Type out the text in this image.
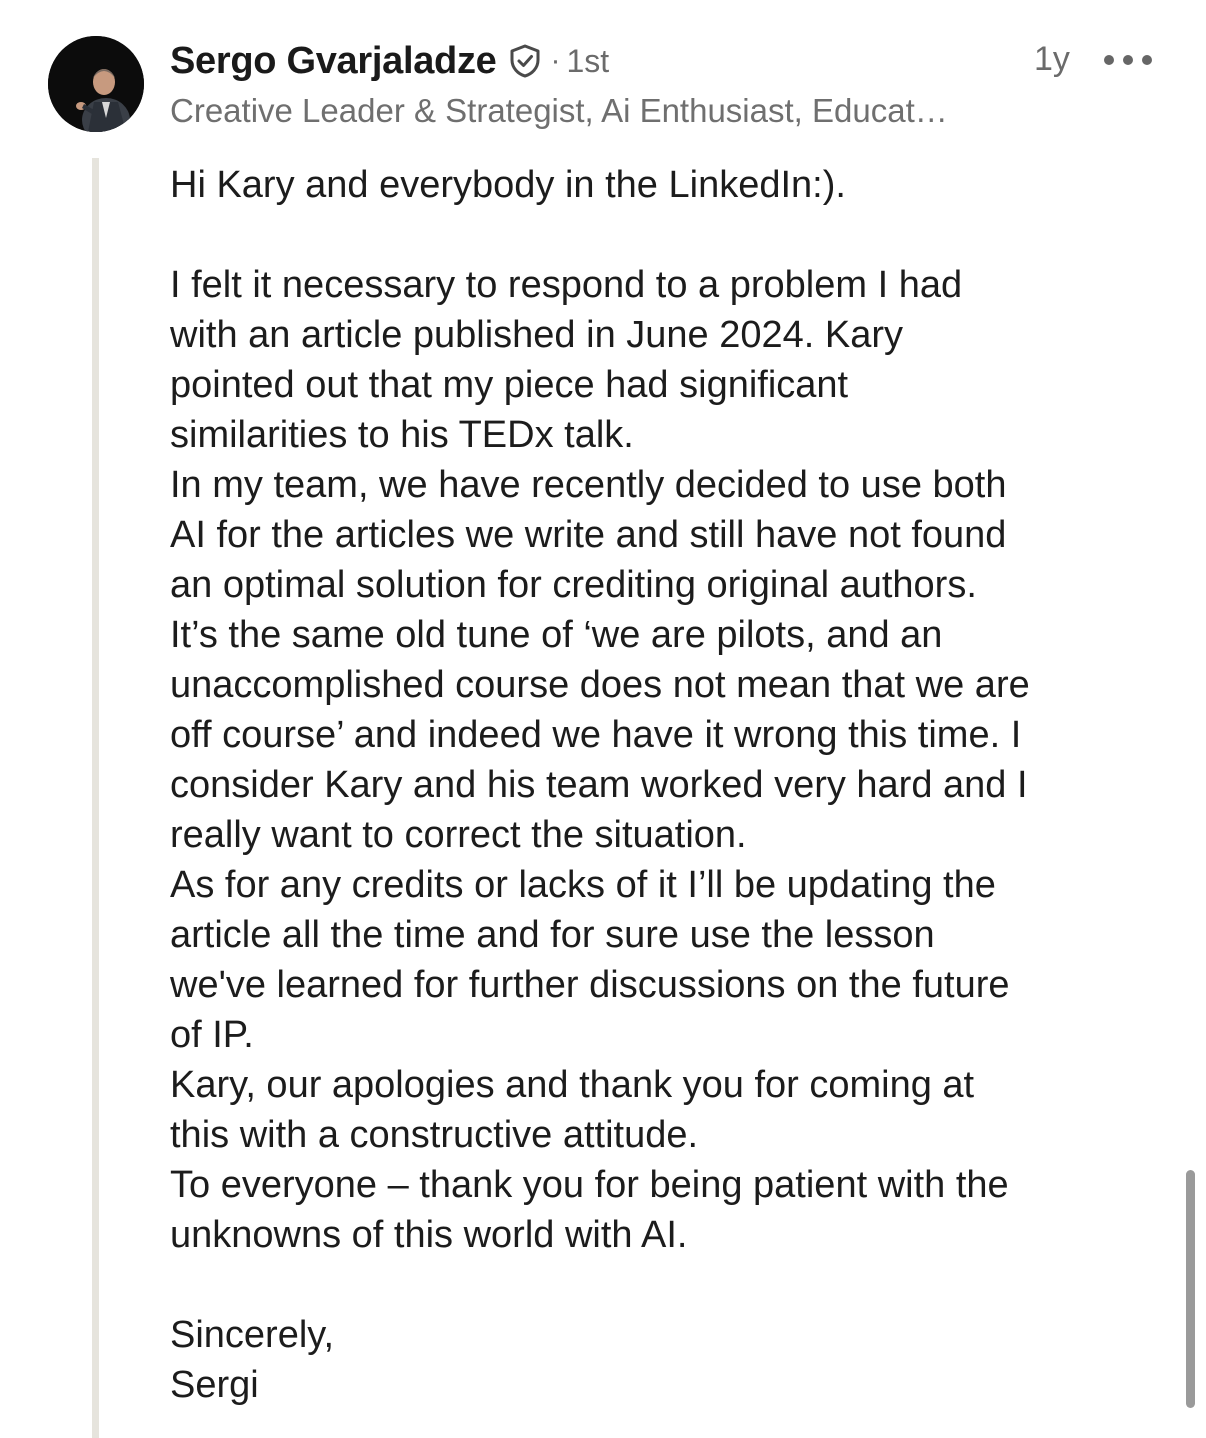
Sergo Gvarjaladze · 1st	1y
Creative Leader & Strategist, Ai Enthusiast, Educat…
Hi Kary and everybody in the LinkedIn:).
I felt it necessary to respond to a problem I had
with an article published in June 2024. Kary
pointed out that my piece had significant
similarities to his TEDx talk.
In my team, we have recently decided to use both
AI for the articles we write and still have not found
an optimal solution for crediting original authors.
It’s the same old tune of ‘we are pilots, and an
unaccomplished course does not mean that we are
off course’ and indeed we have it wrong this time. I
consider Kary and his team worked very hard and I
really want to correct the situation.
As for any credits or lacks of it I’ll be updating the
article all the time and for sure use the lesson
we've learned for further discussions on the future
of IP.
Kary, our apologies and thank you for coming at
this with a constructive attitude.
To everyone – thank you for being patient with the
unknowns of this world with AI.
Sincerely,
Sergi
